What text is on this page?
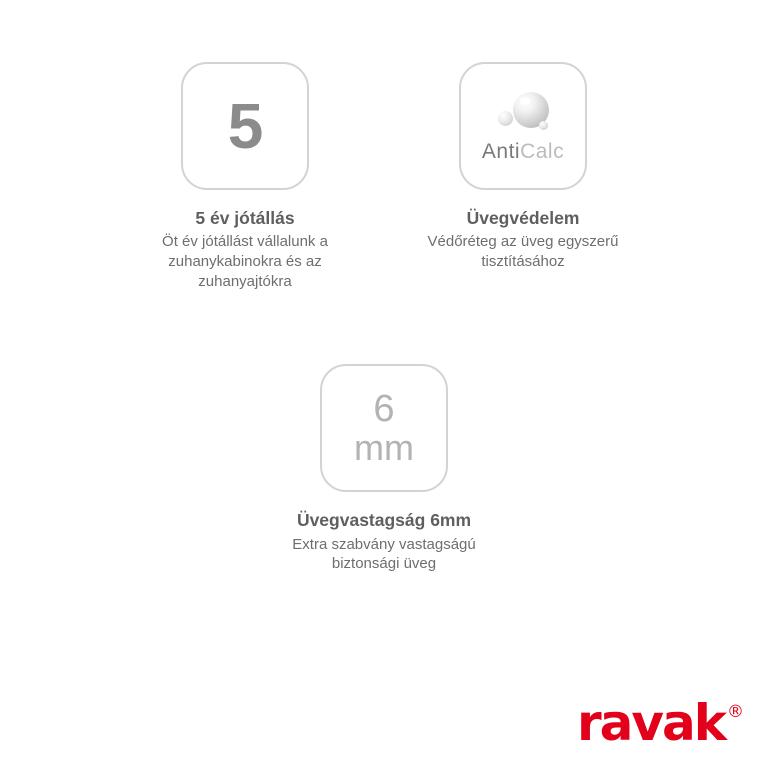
5
5 év jótállás
Öt év jótállást vállalunk a zuhanykabinokra és az zuhanyajtókra
AntiCalc
Üvegvédelem
Védőréteg az üveg egyszerű tisztításához
6
mm
Üvegvastagság 6mm
Extra szabvány vastagságú biztonsági üveg
ravak ®
